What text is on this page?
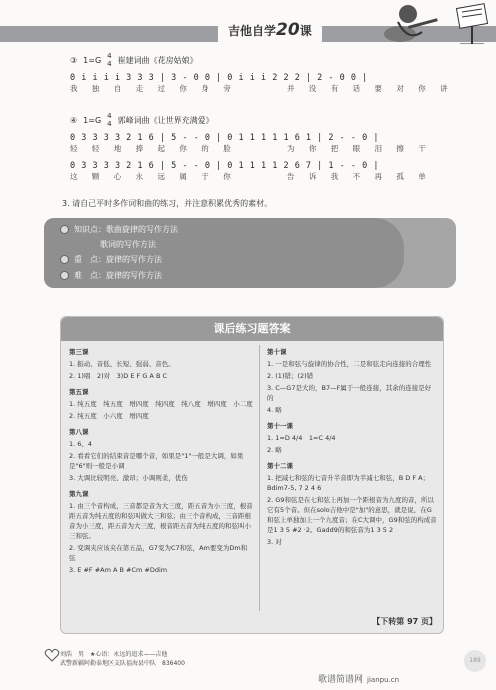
吉他自学20课
③ 1=G 4
4 崔建词曲《花房姑娘》
0 i i i i 3 3 3 | 3 - 0 0 | 0 i i i 2 2 2 | 2 - 0 0 |
我 独 自 走 过 你 身 旁      并 没 有 话 要 对 你 讲
④ 1=G 4
4 郭峰词曲《让世界充满爱》
0 3 3 3 3 2 1 6 | 5 - - 0 | 0 1 1 1 1 1 6 1 | 2 - - 0 |
轻 轻 地 捧 起 你 的 脸      为 你 把 眼 泪 擦 干
0 3 3 3 3 2 1 6 | 5 - - 0 | 0 1 1 1 1 2 6 7 | 1 - - 0 |
这 颗 心 永 远 属 于 你      告 诉 我 不 再 孤 单
3. 请自己平时多作词和曲的练习，并注意积累优秀的素材。
知识点：歌曲旋律的写作方法
歌词的写作方法
重　点：旋律的写作方法
难　点：旋律的写作方法
课后练习题答案
第三课

1. 振动、音低、长短、强弱、音色。

2. 1)唱　2)对　3)D E F G A B C

第五课

1. 纯五度　纯五度　增四度　纯四度　纯八度　增四度　小二度

2. 纯五度　小六度　增四度

第八课

1. 6、4

2. 看看它们的结束音是哪个音，如果是"1"一般是大调，如果是"6"则一般是小调

3. 大调比较明亮、激昂；小调则柔，优伤

第九课

1. 由三个音构成，三音都是音为大三度，距五音为小三度，根音距五音为纯五度的和弦叫做大三和弦；由三个音构成，三音距根音为小三度，距五音为大三度，根音距五音为纯五度的和弦叫小三和弦。

2. 变调夹应该夹在第五品，G7变为C7和弦，Am要变为Dm和弦

3. E #F #Am A B #Cm #Ddim

第十课

1. 一是和弦与旋律的协合性，二是和弦走向连接的合理性

2. (1)错；(2)错

3. C—G7是大的，B7—F属于一般连接，其余的连接是好的

4. 略

第十一课

1. 1=D 4/4　1=C 4/4

2. 略

第十二课

1. 把减七和弦的七音升半音即为半减七和弦，B D F A；Bdim7-5, 7 2 4 6

2. G9和弦是在七和弦上再加一个距根音为九度的音，所以它有5个音。但在solo吉他中是"加"的意思，就是说，在G和弦上单独加上一个九度音；在C大调中，G9和弦的构成音是1 3 5 #2 ·2。Gadd9的和弦音为1 3 5 2

3. 对

【下转第 97 页】
刘浩　男　★心语：永远的追求——吉他
武警新疆阿勒泰地区支队福海县中队　836400	189
歌谱简谱网 jianpu.cn
